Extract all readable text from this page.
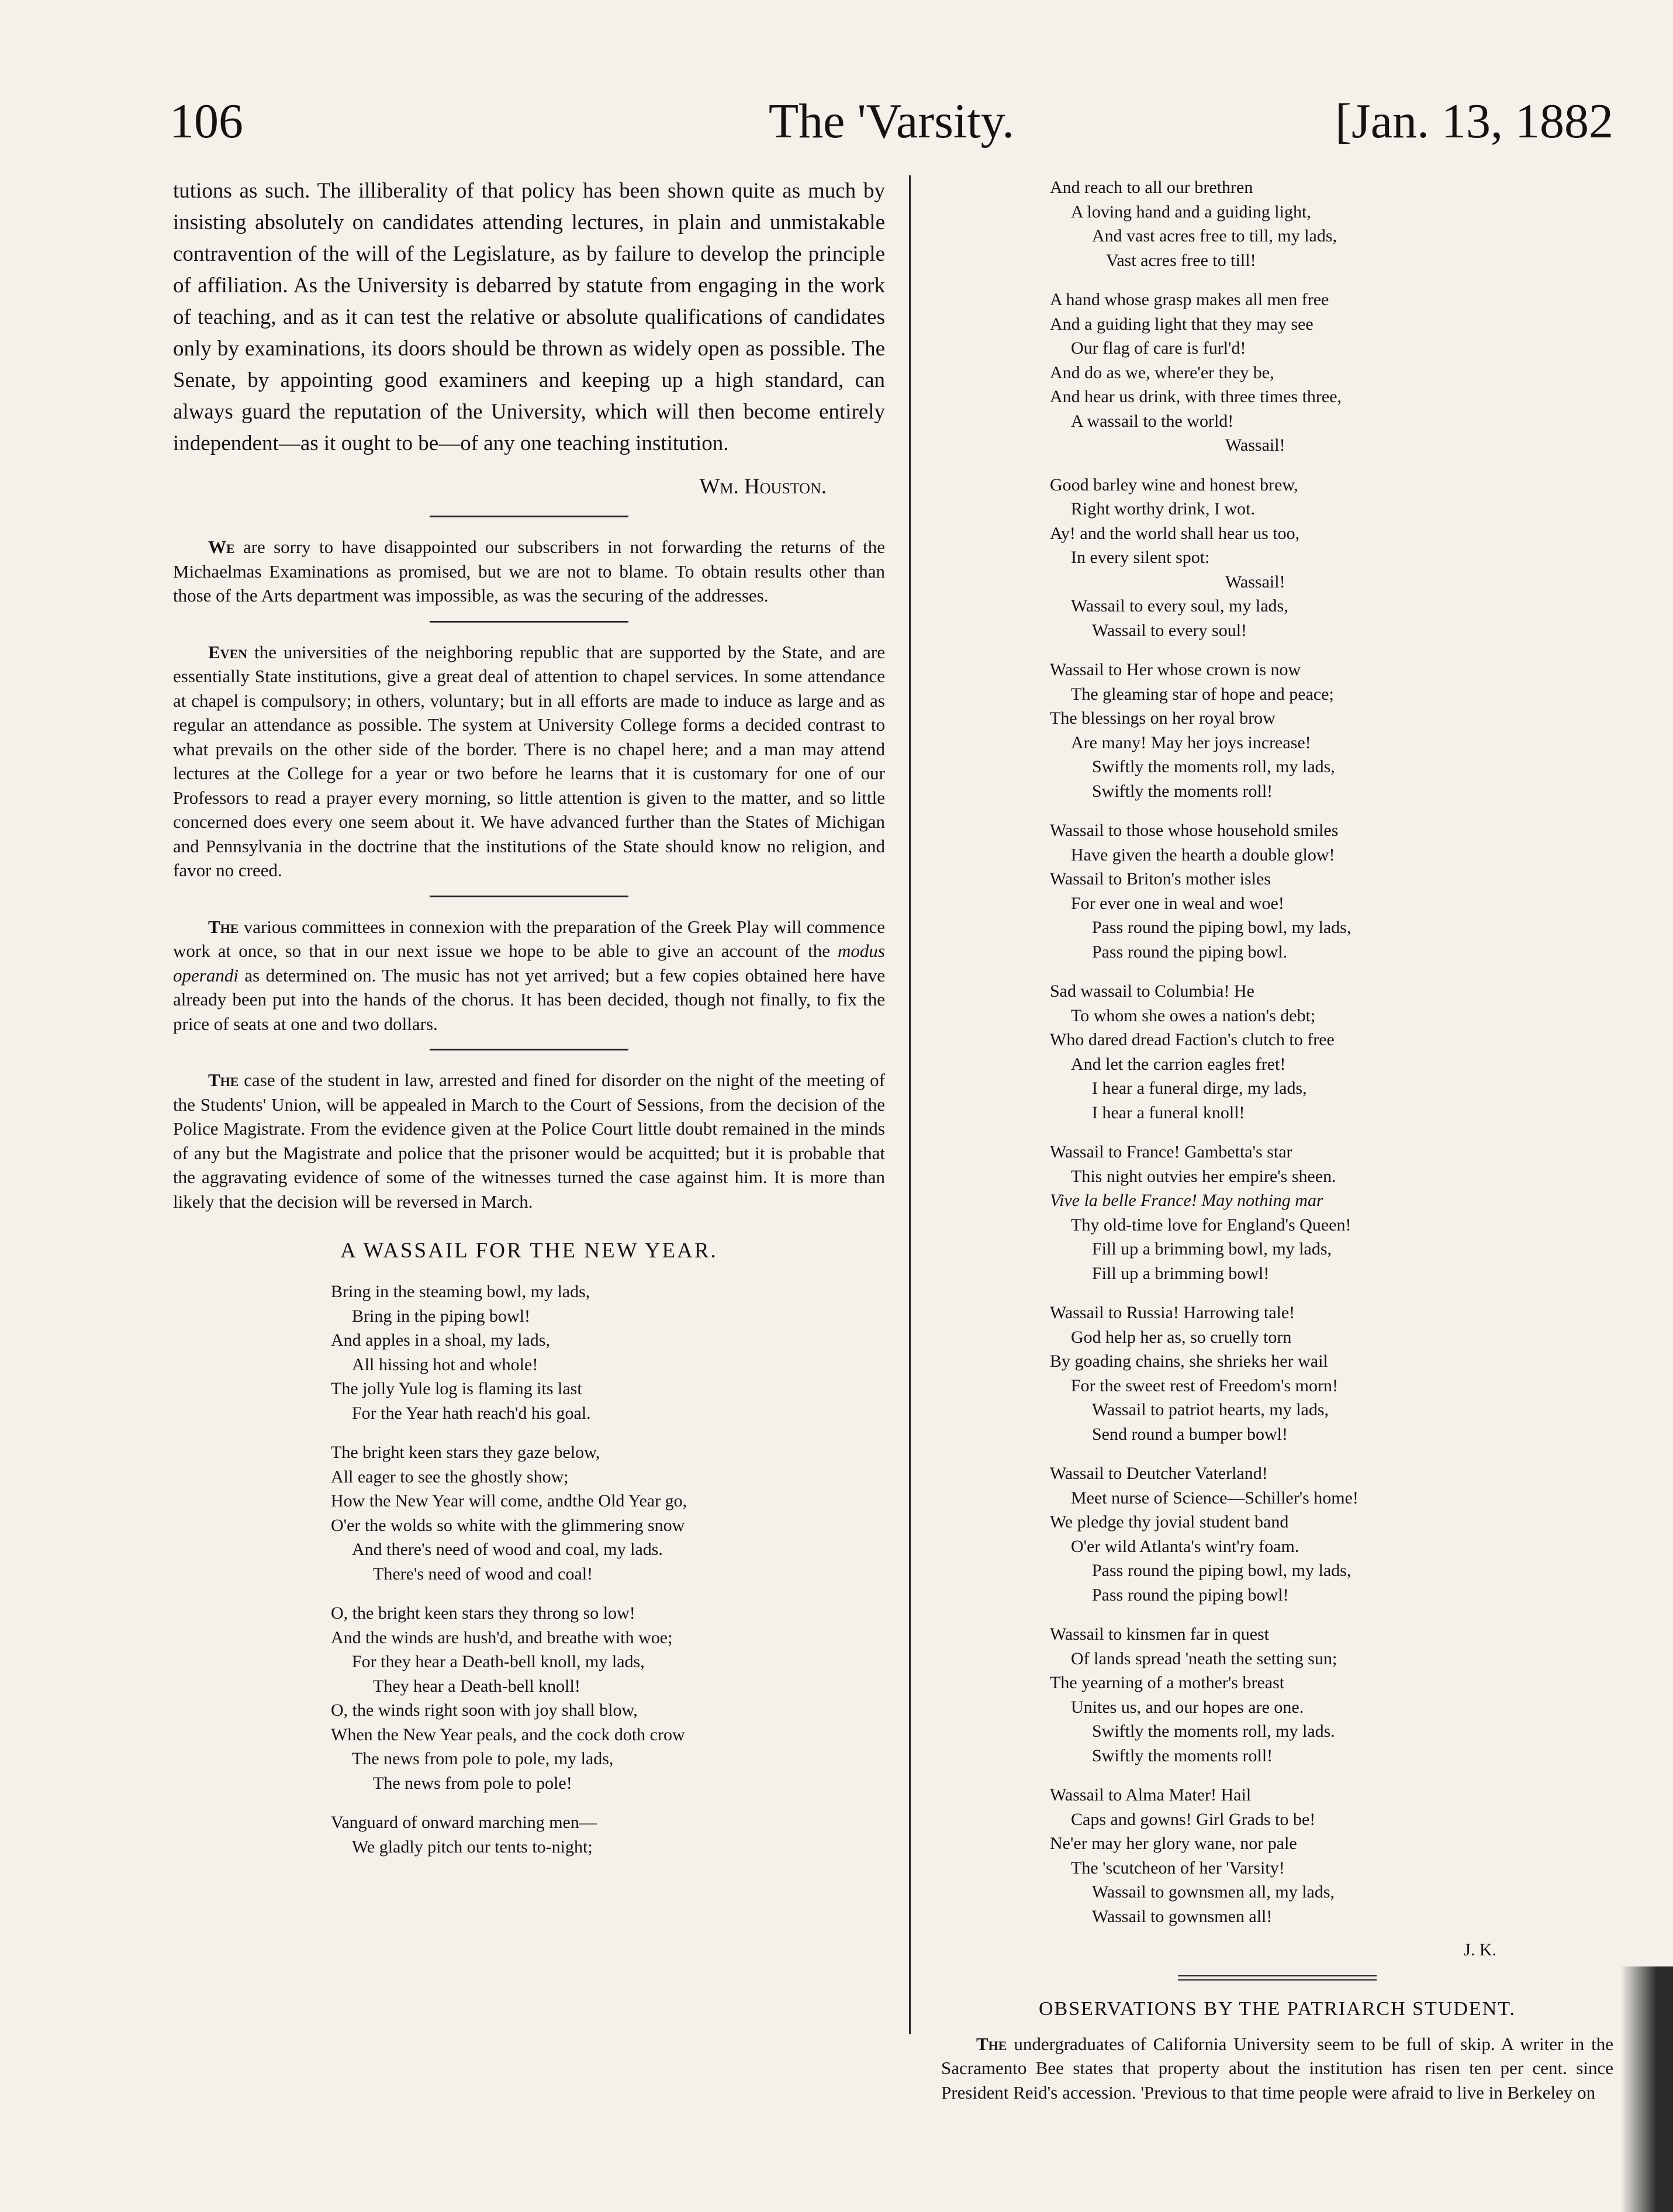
106	The 'Varsity.	[Jan. 13, 1882

tutions as such. The illiberality of that policy has been shown quite as much by insisting absolutely on candidates attending lectures, in plain and unmistakable contravention of the will of the Legislature, as by failure to develop the principle of affiliation. As the University is debarred by statute from engaging in the work of teaching, and as it can test the relative or absolute qualifications of candidates only by examinations, its doors should be thrown as widely open as possible. The Senate, by appointing good examiners and keeping up a high standard, can always guard the reputation of the University, which will then become entirely independent—as it ought to be—of any one teaching institution.

Wm. Houston.

We are sorry to have disappointed our subscribers in not forwarding the returns of the Michaelmas Examinations as promised, but we are not to blame. To obtain results other than those of the Arts department was impossible, as was the securing of the addresses.

Even the universities of the neighboring republic that are supported by the State, and are essentially State institutions, give a great deal of attention to chapel services. In some attendance at chapel is compulsory; in others, voluntary; but in all efforts are made to induce as large and as regular an attendance as possible. The system at University College forms a decided contrast to what prevails on the other side of the border. There is no chapel here; and a man may attend lectures at the College for a year or two before he learns that it is customary for one of our Professors to read a prayer every morning, so little attention is given to the matter, and so little concerned does every one seem about it. We have advanced further than the States of Michigan and Pennsylvania in the doctrine that the institutions of the State should know no religion, and favor no creed.

The various committees in connexion with the preparation of the Greek Play will commence work at once, so that in our next issue we hope to be able to give an account of the modus operandi as determined on. The music has not yet arrived; but a few copies obtained here have already been put into the hands of the chorus. It has been decided, though not finally, to fix the price of seats at one and two dollars.

The case of the student in law, arrested and fined for disorder on the night of the meeting of the Students' Union, will be appealed in March to the Court of Sessions, from the decision of the Police Magistrate. From the evidence given at the Police Court little doubt remained in the minds of any but the Magistrate and police that the prisoner would be acquitted; but it is probable that the aggravating evidence of some of the witnesses turned the case against him. It is more than likely that the decision will be reversed in March.

A WASSAIL FOR THE NEW YEAR.
Bring in the steaming bowl, my lads,
Bring in the piping bowl!
And apples in a shoal, my lads,
All hissing hot and whole!
The jolly Yule log is flaming its last
For the Year hath reach'd his goal.
The bright keen stars they gaze below,
All eager to see the ghostly show;
How the New Year will come, andthe Old Year go,
O'er the wolds so white with the glimmering snow
And there's need of wood and coal, my lads.
There's need of wood and coal!
O, the bright keen stars they throng so low!
And the winds are hush'd, and breathe with woe;
For they hear a Death-bell knoll, my lads,
They hear a Death-bell knoll!
O, the winds right soon with joy shall blow,
When the New Year peals, and the cock doth crow
The news from pole to pole, my lads,
The news from pole to pole!
Vanguard of onward marching men—
We gladly pitch our tents to-night;
And reach to all our brethren
A loving hand and a guiding light,
And vast acres free to till, my lads,
Vast acres free to till!
A hand whose grasp makes all men free
And a guiding light that they may see
Our flag of care is furl'd!
And do as we, where'er they be,
And hear us drink, with three times three,
A wassail to the world!
Wassail!
Good barley wine and honest brew,
Right worthy drink, I wot.
Ay! and the world shall hear us too,
In every silent spot:
Wassail!
Wassail to every soul, my lads,
Wassail to every soul!
Wassail to Her whose crown is now
The gleaming star of hope and peace;
The blessings on her royal brow
Are many! May her joys increase!
Swiftly the moments roll, my lads,
Swiftly the moments roll!
Wassail to those whose household smiles
Have given the hearth a double glow!
Wassail to Briton's mother isles
For ever one in weal and woe!
Pass round the piping bowl, my lads,
Pass round the piping bowl.
Sad wassail to Columbia! He
To whom she owes a nation's debt;
Who dared dread Faction's clutch to free
And let the carrion eagles fret!
I hear a funeral dirge, my lads,
I hear a funeral knoll!
Wassail to France! Gambetta's star
This night outvies her empire's sheen.
Vive la belle France! May nothing mar
Thy old-time love for England's Queen!
Fill up a brimming bowl, my lads,
Fill up a brimming bowl!
Wassail to Russia! Harrowing tale!
God help her as, so cruelly torn
By goading chains, she shrieks her wail
For the sweet rest of Freedom's morn!
Wassail to patriot hearts, my lads,
Send round a bumper bowl!
Wassail to Deutcher Vaterland!
Meet nurse of Science—Schiller's home!
We pledge thy jovial student band
O'er wild Atlanta's wint'ry foam.
Pass round the piping bowl, my lads,
Pass round the piping bowl!
Wassail to kinsmen far in quest
Of lands spread 'neath the setting sun;
The yearning of a mother's breast
Unites us, and our hopes are one.
Swiftly the moments roll, my lads.
Swiftly the moments roll!
Wassail to Alma Mater! Hail
Caps and gowns! Girl Grads to be!
Ne'er may her glory wane, nor pale
The 'scutcheon of her 'Varsity!
Wassail to gownsmen all, my lads,
Wassail to gownsmen all!
J. K.
OBSERVATIONS BY THE PATRIARCH STUDENT.

The undergraduates of California University seem to be full of skip. A writer in the Sacramento Bee states that property about the institution has risen ten per cent. since President Reid's accession. 'Previous to that time people were afraid to live in Berkeley on
